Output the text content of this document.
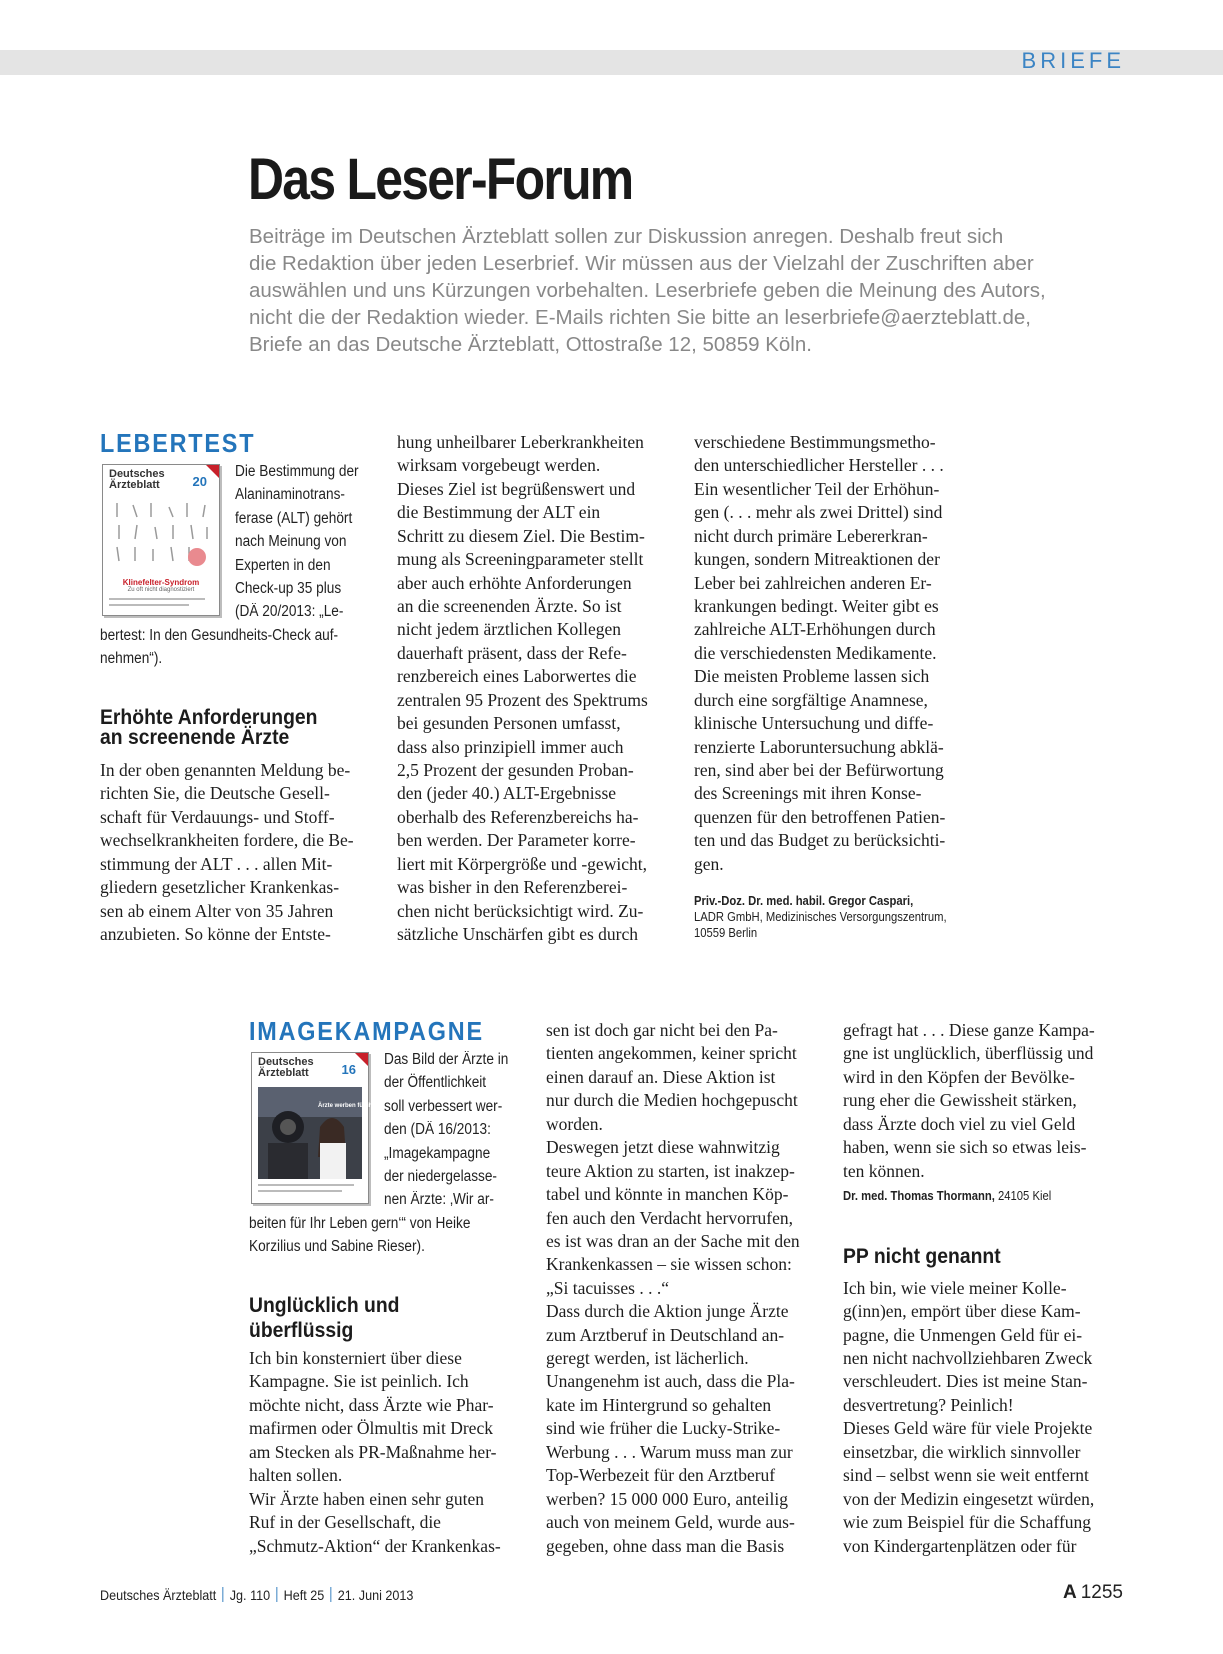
BRIEFE
Das Leser-Forum
Beiträge im Deutschen Ärzteblatt sollen zur Diskussion anregen. Deshalb freut sich
die Redaktion über jeden Leserbrief. Wir müssen aus der Vielzahl der Zuschriften aber
auswählen und uns Kürzungen vorbehalten. Leserbriefe geben die Meinung des Autors,
nicht die der Redaktion wieder. E-Mails richten Sie bitte an leserbriefe@aerzteblatt.de,
Briefe an das Deutsche Ärzteblatt, Ottostraße 12, 50859 Köln.
LEBERTEST
Deutsches
Ärzteblatt	20
Klinefelter-Syndrom
Zu oft nicht diagnostiziert
Die Bestimmung der
Alaninaminotrans-
ferase (ALT) gehört
nach Meinung von
Experten in den
Check-up 35 plus
(DÄ 20/2013: „Le-
bertest: In den Gesundheits-Check auf-
nehmen“).
Erhöhte Anforderungen
an screenende Ärzte
In der oben genannten Meldung be-
richten Sie, die Deutsche Gesell-
schaft für Verdauungs- und Stoff-
wechselkrankheiten fordere, die Be-
stimmung der ALT . . . allen Mit-
gliedern gesetzlicher Krankenkas-
sen ab einem Alter von 35 Jahren
anzubieten. So könne der Entste-
hung unheilbarer Leberkrankheiten
wirksam vorgebeugt werden.
Dieses Ziel ist begrüßenswert und
die Bestimmung der ALT ein
Schritt zu diesem Ziel. Die Bestim-
mung als Screeningparameter stellt
aber auch erhöhte Anforderungen
an die screenenden Ärzte. So ist
nicht jedem ärztlichen Kollegen
dauerhaft präsent, dass der Refe-
renzbereich eines Laborwertes die
zentralen 95 Prozent des Spektrums
bei gesunden Personen umfasst,
dass also prinzipiell immer auch
2,5 Prozent der gesunden Proban-
den (jeder 40.) ALT-Ergebnisse
oberhalb des Referenzbereichs ha-
ben werden. Der Parameter korre-
liert mit Körpergröße und -gewicht,
was bisher in den Referenzberei-
chen nicht berücksichtigt wird. Zu-
sätzliche Unschärfen gibt es durch
verschiedene Bestimmungsmetho-
den unterschiedlicher Hersteller . . .
Ein wesentlicher Teil der Erhöhun-
gen (. . . mehr als zwei Drittel) sind
nicht durch primäre Lebererkran-
kungen, sondern Mitreaktionen der
Leber bei zahlreichen anderen Er-
krankungen bedingt. Weiter gibt es
zahlreiche ALT-Erhöhungen durch
die verschiedensten Medikamente.
Die meisten Probleme lassen sich
durch eine sorgfältige Anamnese,
klinische Untersuchung und diffe-
renzierte Laboruntersuchung abklä-
ren, sind aber bei der Befürwortung
des Screenings mit ihren Konse-
quenzen für den betroffenen Patien-
ten und das Budget zu berücksichti-
gen.
Priv.-Doz. Dr. med. habil. Gregor Caspari,
LADR GmbH, Medizinisches Versorgungszentrum,
10559 Berlin
IMAGEKAMPAGNE
Deutsches
Ärzteblatt	16
Ärzte werben für ihren Beruf
Das Bild der Ärzte in
der Öffentlichkeit
soll verbessert wer-
den (DÄ 16/2013:
„Imagekampagne
der niedergelasse-
nen Ärzte: ‚Wir ar-
beiten für Ihr Leben gern‘“ von Heike
Korzilius und Sabine Rieser).
Unglücklich und
überflüssig
Ich bin konsterniert über diese
Kampagne. Sie ist peinlich. Ich
möchte nicht, dass Ärzte wie Phar-
mafirmen oder Ölmultis mit Dreck
am Stecken als PR-Maßnahme her-
halten sollen.
Wir Ärzte haben einen sehr guten
Ruf in der Gesellschaft, die
„Schmutz-Aktion“ der Krankenkas-
sen ist doch gar nicht bei den Pa-
tienten angekommen, keiner spricht
einen darauf an. Diese Aktion ist
nur durch die Medien hochgepuscht
worden.
Deswegen jetzt diese wahnwitzig
teure Aktion zu starten, ist inakzep-
tabel und könnte in manchen Köp-
fen auch den Verdacht hervorrufen,
es ist was dran an der Sache mit den
Krankenkassen – sie wissen schon:
„Si tacuisses . . .“
Dass durch die Aktion junge Ärzte
zum Arztberuf in Deutschland an-
geregt werden, ist lächerlich.
Unangenehm ist auch, dass die Pla-
kate im Hintergrund so gehalten
sind wie früher die Lucky-Strike-
Werbung . . . Warum muss man zur
Top-Werbezeit für den Arztberuf
werben? 15 000 000 Euro, anteilig
auch von meinem Geld, wurde aus-
gegeben, ohne dass man die Basis
gefragt hat . . . Diese ganze Kampa-
gne ist unglücklich, überflüssig und
wird in den Köpfen der Bevölke-
rung eher die Gewissheit stärken,
dass Ärzte doch viel zu viel Geld
haben, wenn sie sich so etwas leis-
ten können.
Dr. med. Thomas Thormann, 24105 Kiel
PP nicht genannt
Ich bin, wie viele meiner Kolle-
g(inn)en, empört über diese Kam-
pagne, die Unmengen Geld für ei-
nen nicht nachvollziehbaren Zweck
verschleudert. Dies ist meine Stan-
desvertretung? Peinlich!
Dieses Geld wäre für viele Projekte
einsetzbar, die wirklich sinnvoller
sind – selbst wenn sie weit entfernt
von der Medizin eingesetzt würden,
wie zum Beispiel für die Schaffung
von Kindergartenplätzen oder für
Deutsches Ärzteblatt Jg. 110 Heft 25 21. Juni 2013	A 1255
